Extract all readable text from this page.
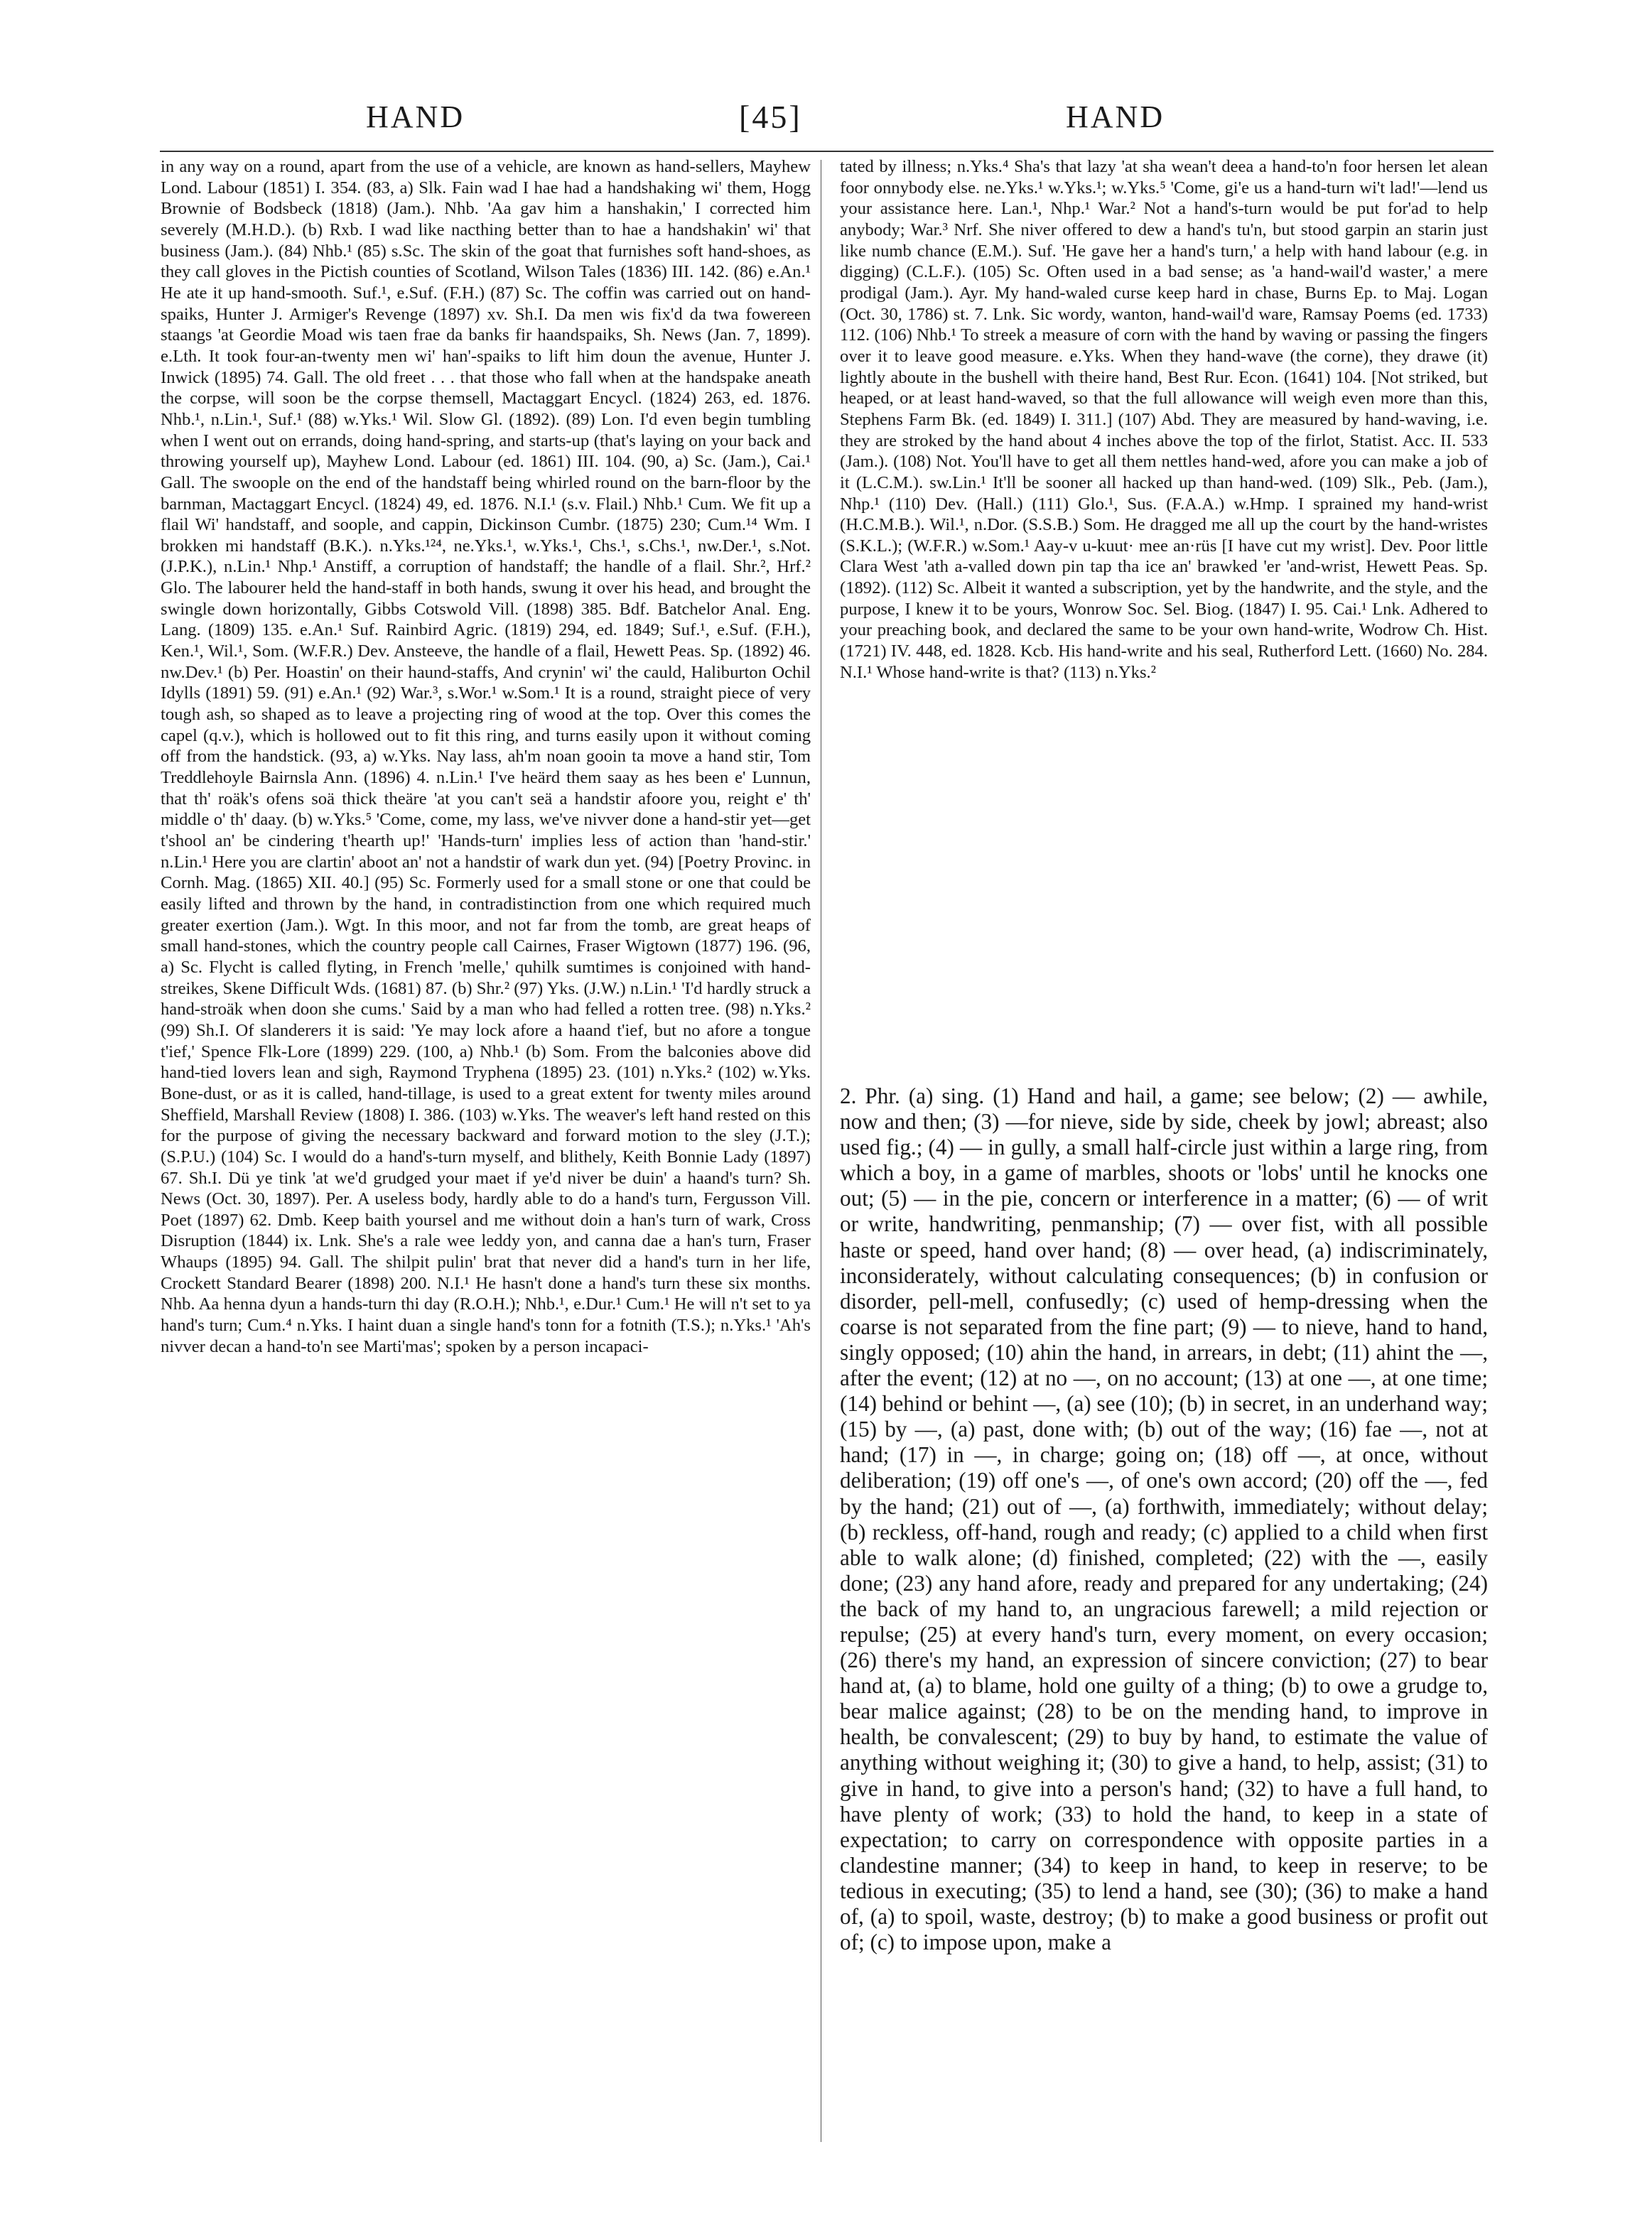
HAND	[45]	HAND

in any way on a round, apart from the use of a vehicle, are known as hand-sellers, Mayhew Lond. Labour (1851) I. 354. (83, a) Slk. Fain wad I hae had a handshaking wi' them, Hogg Brownie of Bodsbeck (1818) (Jam.). Nhb. 'Aa gav him a hanshakin,' I corrected him severely (M.H.D.). (b) Rxb. I wad like nacthing better than to hae a handshakin' wi' that business (Jam.). (84) Nhb.¹ (85) s.Sc. The skin of the goat that furnishes soft hand-shoes, as they call gloves in the Pictish counties of Scotland, Wilson Tales (1836) III. 142. (86) e.An.¹ He ate it up hand-smooth. Suf.¹, e.Suf. (F.H.) (87) Sc. The coffin was carried out on hand-spaiks, Hunter J. Armiger's Revenge (1897) xv. Sh.I. Da men wis fix'd da twa fowereen staangs 'at Geordie Moad wis taen frae da banks fir haandspaiks, Sh. News (Jan. 7, 1899). e.Lth. It took four-an-twenty men wi' han'-spaiks to lift him doun the avenue, Hunter J. Inwick (1895) 74. Gall. The old freet . . . that those who fall when at the handspake aneath the corpse, will soon be the corpse themsell, Mactaggart Encycl. (1824) 263, ed. 1876. Nhb.¹, n.Lin.¹, Suf.¹ (88) w.Yks.¹ Wil. Slow Gl. (1892). (89) Lon. I'd even begin tumbling when I went out on errands, doing hand-spring, and starts-up (that's laying on your back and throwing yourself up), Mayhew Lond. Labour (ed. 1861) III. 104. (90, a) Sc. (Jam.), Cai.¹ Gall. The swoople on the end of the handstaff being whirled round on the barn-floor by the barnman, Mactaggart Encycl. (1824) 49, ed. 1876. N.I.¹ (s.v. Flail.) Nhb.¹ Cum. We fit up a flail Wi' handstaff, and soople, and cappin, Dickinson Cumbr. (1875) 230; Cum.¹⁴ Wm. I brokken mi handstaff (B.K.). n.Yks.¹²⁴, ne.Yks.¹, w.Yks.¹, Chs.¹, s.Chs.¹, nw.Der.¹, s.Not. (J.P.K.), n.Lin.¹ Nhp.¹ Anstiff, a corruption of handstaff; the handle of a flail. Shr.², Hrf.² Glo. The labourer held the hand-staff in both hands, swung it over his head, and brought the swingle down horizontally, Gibbs Cotswold Vill. (1898) 385. Bdf. Batchelor Anal. Eng. Lang. (1809) 135. e.An.¹ Suf. Rainbird Agric. (1819) 294, ed. 1849; Suf.¹, e.Suf. (F.H.), Ken.¹, Wil.¹, Som. (W.F.R.) Dev. Ansteeve, the handle of a flail, Hewett Peas. Sp. (1892) 46. nw.Dev.¹ (b) Per. Hoastin' on their haund-staffs, And crynin' wi' the cauld, Haliburton Ochil Idylls (1891) 59. (91) e.An.¹ (92) War.³, s.Wor.¹ w.Som.¹ It is a round, straight piece of very tough ash, so shaped as to leave a projecting ring of wood at the top. Over this comes the capel (q.v.), which is hollowed out to fit this ring, and turns easily upon it without coming off from the handstick. (93, a) w.Yks. Nay lass, ah'm noan gooin ta move a hand stir, Tom Treddlehoyle Bairnsla Ann. (1896) 4. n.Lin.¹ I've heärd them saay as hes been e' Lunnun, that th' roäk's ofens soä thick theäre 'at you can't seä a handstir afoore you, reight e' th' middle o' th' daay. (b) w.Yks.⁵ 'Come, come, my lass, we've nivver done a hand-stir yet—get t'shool an' be cindering t'hearth up!' 'Hands-turn' implies less of action than 'hand-stir.' n.Lin.¹ Here you are clartin' aboot an' not a handstir of wark dun yet. (94) [Poetry Provinc. in Cornh. Mag. (1865) XII. 40.] (95) Sc. Formerly used for a small stone or one that could be easily lifted and thrown by the hand, in contradistinction from one which required much greater exertion (Jam.). Wgt. In this moor, and not far from the tomb, are great heaps of small hand-stones, which the country people call Cairnes, Fraser Wigtown (1877) 196. (96, a) Sc. Flycht is called flyting, in French 'melle,' quhilk sumtimes is conjoined with hand-streikes, Skene Difficult Wds. (1681) 87. (b) Shr.² (97) Yks. (J.W.) n.Lin.¹ 'I'd hardly struck a hand-stroäk when doon she cums.' Said by a man who had felled a rotten tree. (98) n.Yks.² (99) Sh.I. Of slanderers it is said: 'Ye may lock afore a haand t'ief, but no afore a tongue t'ief,' Spence Flk-Lore (1899) 229. (100, a) Nhb.¹ (b) Som. From the balconies above did hand-tied lovers lean and sigh, Raymond Tryphena (1895) 23. (101) n.Yks.² (102) w.Yks. Bone-dust, or as it is called, hand-tillage, is used to a great extent for twenty miles around Sheffield, Marshall Review (1808) I. 386. (103) w.Yks. The weaver's left hand rested on this for the purpose of giving the necessary backward and forward motion to the sley (J.T.); (S.P.U.) (104) Sc. I would do a hand's-turn myself, and blithely, Keith Bonnie Lady (1897) 67. Sh.I. Dü ye tink 'at we'd grudged your maet if ye'd niver be duin' a haand's turn? Sh. News (Oct. 30, 1897). Per. A useless body, hardly able to do a hand's turn, Fergusson Vill. Poet (1897) 62. Dmb. Keep baith yoursel and me without doin a han's turn of wark, Cross Disruption (1844) ix. Lnk. She's a rale wee leddy yon, and canna dae a han's turn, Fraser Whaups (1895) 94. Gall. The shilpit pulin' brat that never did a hand's turn in her life, Crockett Standard Bearer (1898) 200. N.I.¹ He hasn't done a hand's turn these six months. Nhb. Aa henna dyun a hands-turn thi day (R.O.H.); Nhb.¹, e.Dur.¹ Cum.¹ He will n't set to ya hand's turn; Cum.⁴ n.Yks. I haint duan a single hand's tonn for a fotnith (T.S.); n.Yks.¹ 'Ah's nivver decan a hand-to'n see Marti'mas'; spoken by a person incapaci-

tated by illness; n.Yks.⁴ Sha's that lazy 'at sha wean't deea a hand-to'n foor hersen let alean foor onnybody else. ne.Yks.¹ w.Yks.¹; w.Yks.⁵ 'Come, gi'e us a hand-turn wi't lad!'—lend us your assistance here. Lan.¹, Nhp.¹ War.² Not a hand's-turn would be put for'ad to help anybody; War.³ Nrf. She niver offered to dew a hand's tu'n, but stood garpin an starin just like numb chance (E.M.). Suf. 'He gave her a hand's turn,' a help with hand labour (e.g. in digging) (C.L.F.). (105) Sc. Often used in a bad sense; as 'a hand-wail'd waster,' a mere prodigal (Jam.). Ayr. My hand-waled curse keep hard in chase, Burns Ep. to Maj. Logan (Oct. 30, 1786) st. 7. Lnk. Sic wordy, wanton, hand-wail'd ware, Ramsay Poems (ed. 1733) 112. (106) Nhb.¹ To streek a measure of corn with the hand by waving or passing the fingers over it to leave good measure. e.Yks. When they hand-wave (the corne), they drawe (it) lightly aboute in the bushell with theire hand, Best Rur. Econ. (1641) 104. [Not striked, but heaped, or at least hand-waved, so that the full allowance will weigh even more than this, Stephens Farm Bk. (ed. 1849) I. 311.] (107) Abd. They are measured by hand-waving, i.e. they are stroked by the hand about 4 inches above the top of the firlot, Statist. Acc. II. 533 (Jam.). (108) Not. You'll have to get all them nettles hand-wed, afore you can make a job of it (L.C.M.). sw.Lin.¹ It'll be sooner all hacked up than hand-wed. (109) Slk., Peb. (Jam.), Nhp.¹ (110) Dev. (Hall.) (111) Glo.¹, Sus. (F.A.A.) w.Hmp. I sprained my hand-wrist (H.C.M.B.). Wil.¹, n.Dor. (S.S.B.) Som. He dragged me all up the court by the hand-wristes (S.K.L.); (W.F.R.) w.Som.¹ Aay-v u-kuut· mee an·rüs [I have cut my wrist]. Dev. Poor little Clara West 'ath a-valled down pin tap tha ice an' brawked 'er 'and-wrist, Hewett Peas. Sp. (1892). (112) Sc. Albeit it wanted a subscription, yet by the handwrite, and the style, and the purpose, I knew it to be yours, Wonrow Soc. Sel. Biog. (1847) I. 95. Cai.¹ Lnk. Adhered to your preaching book, and declared the same to be your own hand-write, Wodrow Ch. Hist. (1721) IV. 448, ed. 1828. Kcb. His hand-write and his seal, Rutherford Lett. (1660) No. 284. N.I.¹ Whose hand-write is that? (113) n.Yks.²

2. Phr. (a) sing. (1) Hand and hail, a game; see below; (2) — awhile, now and then; (3) —for nieve, side by side, cheek by jowl; abreast; also used fig.; (4) — in gully, a small half-circle just within a large ring, from which a boy, in a game of marbles, shoots or 'lobs' until he knocks one out; (5) — in the pie, concern or interference in a matter; (6) — of writ or write, handwriting, penmanship; (7) — over fist, with all possible haste or speed, hand over hand; (8) — over head, (a) indiscriminately, inconsiderately, without calculating consequences; (b) in confusion or disorder, pell-mell, confusedly; (c) used of hemp-dressing when the coarse is not separated from the fine part; (9) — to nieve, hand to hand, singly opposed; (10) ahin the hand, in arrears, in debt; (11) ahint the —, after the event; (12) at no —, on no account; (13) at one —, at one time; (14) behind or behint —, (a) see (10); (b) in secret, in an underhand way; (15) by —, (a) past, done with; (b) out of the way; (16) fae —, not at hand; (17) in —, in charge; going on; (18) off —, at once, without deliberation; (19) off one's —, of one's own accord; (20) off the —, fed by the hand; (21) out of —, (a) forthwith, immediately; without delay; (b) reckless, off-hand, rough and ready; (c) applied to a child when first able to walk alone; (d) finished, completed; (22) with the —, easily done; (23) any hand afore, ready and prepared for any undertaking; (24) the back of my hand to, an ungracious farewell; a mild rejection or repulse; (25) at every hand's turn, every moment, on every occasion; (26) there's my hand, an expression of sincere conviction; (27) to bear hand at, (a) to blame, hold one guilty of a thing; (b) to owe a grudge to, bear malice against; (28) to be on the mending hand, to improve in health, be convalescent; (29) to buy by hand, to estimate the value of anything without weighing it; (30) to give a hand, to help, assist; (31) to give in hand, to give into a person's hand; (32) to have a full hand, to have plenty of work; (33) to hold the hand, to keep in a state of expectation; to carry on correspondence with opposite parties in a clandestine manner; (34) to keep in hand, to keep in reserve; to be tedious in executing; (35) to lend a hand, see (30); (36) to make a hand of, (a) to spoil, waste, destroy; (b) to make a good business or profit out of; (c) to impose upon, make a
